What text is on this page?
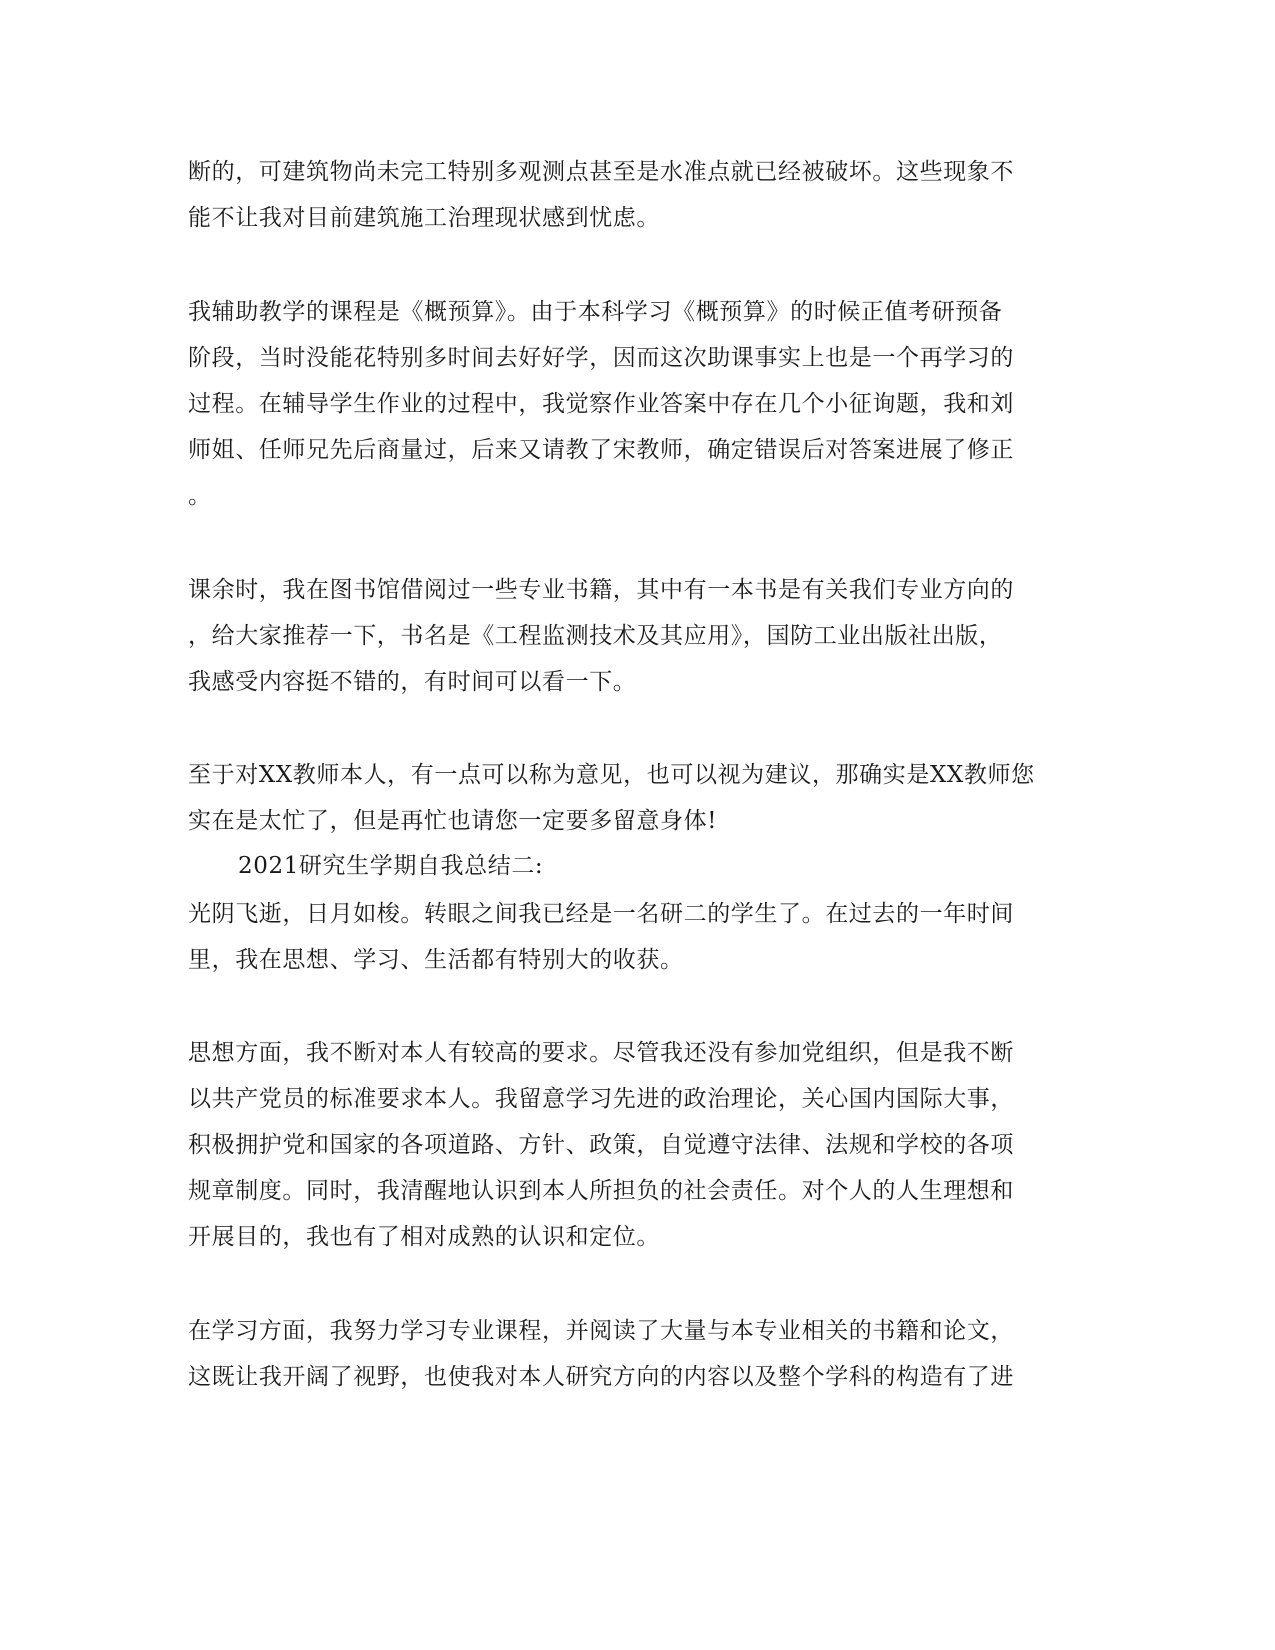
断的，可建筑物尚未完工特别多观测点甚至是水准点就已经被破坏。这些现象不
能不让我对目前建筑施工治理现状感到忧虑。
我辅助教学的课程是《概预算》。由于本科学习《概预算》的时候正值考研预备
阶段，当时没能花特别多时间去好好学，因而这次助课事实上也是一个再学习的
过程。在辅导学生作业的过程中，我觉察作业答案中存在几个小征询题，我和刘
师姐、任师兄先后商量过，后来又请教了宋教师，确定错误后对答案进展了修正
。
课余时，我在图书馆借阅过一些专业书籍，其中有一本书是有关我们专业方向的
，给大家推荐一下，书名是《工程监测技术及其应用》，国防工业出版社出版，
我感受内容挺不错的，有时间可以看一下。
至于对XX教师本人，有一点可以称为意见，也可以视为建议，那确实是XX教师您
实在是太忙了，但是再忙也请您一定要多留意身体!
2021研究生学期自我总结二:
光阴飞逝，日月如梭。转眼之间我已经是一名研二的学生了。在过去的一年时间
里，我在思想、学习、生活都有特别大的收获。
思想方面，我不断对本人有较高的要求。尽管我还没有参加党组织，但是我不断
以共产党员的标准要求本人。我留意学习先进的政治理论，关心国内国际大事，
积极拥护党和国家的各项道路、方针、政策，自觉遵守法律、法规和学校的各项
规章制度。同时，我清醒地认识到本人所担负的社会责任。对个人的人生理想和
开展目的，我也有了相对成熟的认识和定位。
在学习方面，我努力学习专业课程，并阅读了大量与本专业相关的书籍和论文，
这既让我开阔了视野，也使我对本人研究方向的内容以及整个学科的构造有了进
